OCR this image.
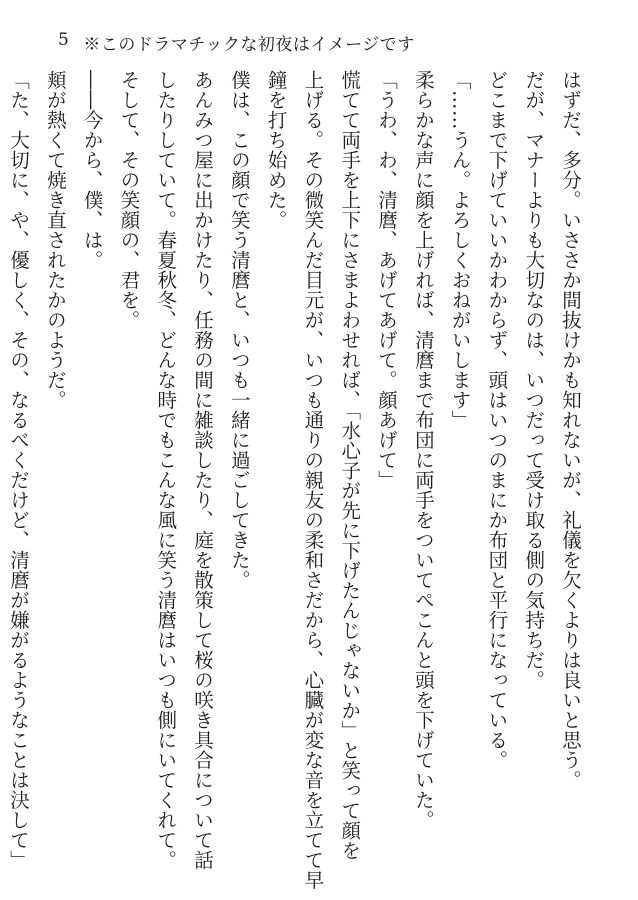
5 ※このドラマチックな初夜はイメージです

はずだ、多分。いささか間抜けかも知れないが、礼儀を欠くよりは良いと思う。

だが、マナーよりも大切なのは、いつだって受け取る側の気持ちだ。

どこまで下げていいかわからず、頭はいつのまにか布団と平行になっている。

「……うん。よろしくおねがいします」

柔らかな声に顔を上げれば、清麿まで布団に両手をついてぺこんと頭を下げていた。

「うわ、わ、清麿、あげてあげて。顔あげて」

慌てて両手を上下にさまよわせれば、「水心子が先に下げたんじゃないか」と笑って顔を

上げる。その微笑んだ目元が、いつも通りの親友の柔和さだから、心臓が変な音を立てて早

鐘を打ち始めた。

僕は、この顔で笑う清麿と、いつも一緒に過ごしてきた。

あんみつ屋に出かけたり、任務の間に雑談したり、庭を散策して桜の咲き具合について話

したりしていて。春夏秋冬、どんな時でもこんな風に笑う清麿はいつも側にいてくれて。

そして、その笑顔の、君を。

――今から、僕、は。

頬が熱くて焼き直されたかのようだ。

「た、大切に、や、優しく、その、なるべくだけど、清麿が嫌がるようなことは決して」
